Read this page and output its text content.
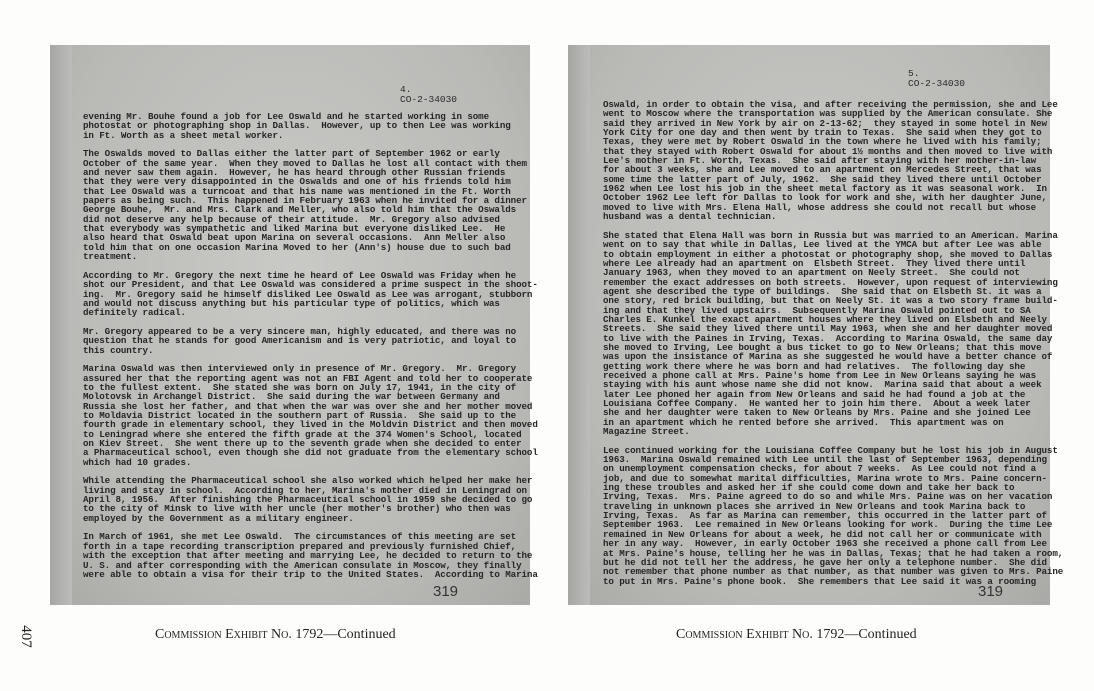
407
4.
CO-2-34030
evening Mr. Bouhe found a job for Lee Oswald and he started working in some
photostat or photographing shop in Dallas.  However, up to then Lee was working
in Ft. Worth as a sheet metal worker.
The Oswalds moved to Dallas either the latter part of September 1962 or early
October of the same year.  When they moved to Dallas he lost all contact with them
and never saw them again.  However, he has heard through other Russian friends
that they were very disappointed in the Oswalds and one of his friends told him
that Lee Oswald was a turncoat and that his name was mentioned in the Ft. Worth
papers as being such.  This happened in February 1963 when he invited for a dinner
George Bouhe,  Mr. and Mrs. Clark and Meller, who also told him that the Oswalds
did not deserve any help because of their attitude.  Mr. Gregory also advised
that everybody was sympathetic and liked Marina but everyone disliked Lee.  He
also heard that Oswald beat upon Marina on several occasions.  Ann Meller also
told him that on one occasion Marina Moved to her (Ann's) house due to such bad
treatment.
According to Mr. Gregory the next time he heard of Lee Oswald was Friday when he
shot our President, and that Lee Oswald was considered a prime suspect in the shoot-
ing.  Mr. Gregory said he himself disliked Lee Oswald as Lee was arrogant, stubborn
and would not discuss anything but his particular type of politics, which was
definitely radical.
Mr. Gregory appeared to be a very sincere man, highly educated, and there was no
question that he stands for good Americanism and is very patriotic, and loyal to
this country.
Marina Oswald was then interviewed only in presence of Mr. Gregory.  Mr. Gregory
assured her that the reporting agent was not an FBI Agent and told her to cooperate
to the fullest extent.  She stated she was born on July 17, 1941, in the city of
Molotovsk in Archangel District.  She said during the war between Germany and
Russia she lost her father, and that when the war was over she and her mother moved
to Moldavia District located in the southern part of Russia.  She said up to the
fourth grade in elementary school, they lived in the Moldvin District and then moved
to Leningrad where she entered the fifth grade at the 374 Women's School, located
on Kiev Street.  She went there up to the seventh grade when she decided to enter
a Pharmaceutical school, even though she did not graduate from the elementary school
which had 10 grades.
While attending the Pharmaceutical school she also worked which helped her make her
living and stay in school.  According to her, Marina's mother died in Leningrad on
April 8, 1956.  After finishing the Pharmaceutical school in 1959 she decided to go
to the city of Minsk to live with her uncle (her mother's brother) who then was
employed by the Government as a military engineer.
In March of 1961, she met Lee Oswald.  The circumstances of this meeting are set
forth in a tape recording transcription prepared and previously furnished Chief,
with the exception that after meeting and marrying Lee, he decided to return to the
U. S. and after corresponding with the American consulate in Moscow, they finally
were able to obtain a visa for their trip to the United States.  According to Marina
319
5.
CO-2-34030
Oswald, in order to obtain the visa, and after receiving the permission, she and Lee
went to Moscow where the transportation was supplied by the American consulate. She
said they arrived in New York by air on 2-13-62;  they stayed in some hotel in New
York City for one day and then went by train to Texas.  She said when they got to
Texas, they were met by Robert Oswald in the town where he lived with his family;
that they stayed with Robert Oswald for about 1½ months and then moved to live with
Lee's mother in Ft. Worth, Texas.  She said after staying with her mother-in-law
for about 3 weeks, she and Lee moved to an apartment on Mercedes Street, that was
some time the latter part of July, 1962.  She said they lived there until October
1962 when Lee lost his job in the sheet metal factory as it was seasonal work.  In
October 1962 Lee left for Dallas to look for work and she, with her daughter June,
moved to live with Mrs. Elena Hall, whose address she could not recall but whose
husband was a dental technician.
She stated that Elena Hall was born in Russia but was married to an American. Marina
went on to say that while in Dallas, Lee lived at the YMCA but after Lee was able
to obtain employment in either a photostat or photography shop, she moved to Dallas
where Lee already had an apartment on  Elsbeth Street.  They lived there until
January 1963, when they moved to an apartment on Neely Street.  She could not
remember the exact addresses on both streets.  However, upon request of interviewing
agent she described the type of buildings.  She said that on Elsbeth St. it was a
one story, red brick building, but that on Neely St. it was a two story frame build-
ing and that they lived upstairs.  Subsequently Marina Oswald pointed out to SA
Charles E. Kunkel the exact apartment houses where they lived on Elsbeth and Neely
Streets.  She said they lived there until May 1963, when she and her daughter moved
to live with the Paines in Irving, Texas.  According to Marina Oswald, the same day
she moved to Irving, Lee bought a bus ticket to go to New Orleans; that this move
was upon the insistance of Marina as she suggested he would have a better chance of
getting work there where he was born and had relatives.  The following day she
received a phone call at Mrs. Paine's home from Lee in New Orleans saying he was
staying with his aunt whose name she did not know.  Marina said that about a week
later Lee phoned her again from New Orleans and said he had found a job at the
Louisiana Coffee Company.  He wanted her to join him there.  About a week later
she and her daughter were taken to New Orleans by Mrs. Paine and she joined Lee
in an apartment which he rented before she arrived.  This apartment was on
Magazine Street.
Lee continued working for the Louisiana Coffee Company but he lost his job in August
1963.  Marina Oswald remained with Lee until the last of September 1963, depending
on unemployment compensation checks, for about 7 weeks.  As Lee could not find a
job, and due to somewhat marital difficulties, Marina wrote to Mrs. Paine concern-
ing these troubles and asked her if she could come down and take her back to
Irving, Texas.  Mrs. Paine agreed to do so and while Mrs. Paine was on her vacation
traveling in unknown places she arrived in New Orleans and took Marina back to
Irving, Texas.  As far as Marina can remember, this occurred in the latter part of
September 1963.  Lee remained in New Orleans looking for work.  During the time Lee
remained in New Orleans for about a week, he did not call her or communicate with
her in any way.  However, in early October 1963 she received a phone call from Lee
at Mrs. Paine's house, telling her he was in Dallas, Texas; that he had taken a room,
but he did not tell her the address, he gave her only a telephone number.  She did
not remember that phone number as that number, as that number was given to Mrs. Paine
to put in Mrs. Paine's phone book.  She remembers that Lee said it was a rooming
319
Commission Exhibit No. 1792—Continued	Commission Exhibit No. 1792—Continued
